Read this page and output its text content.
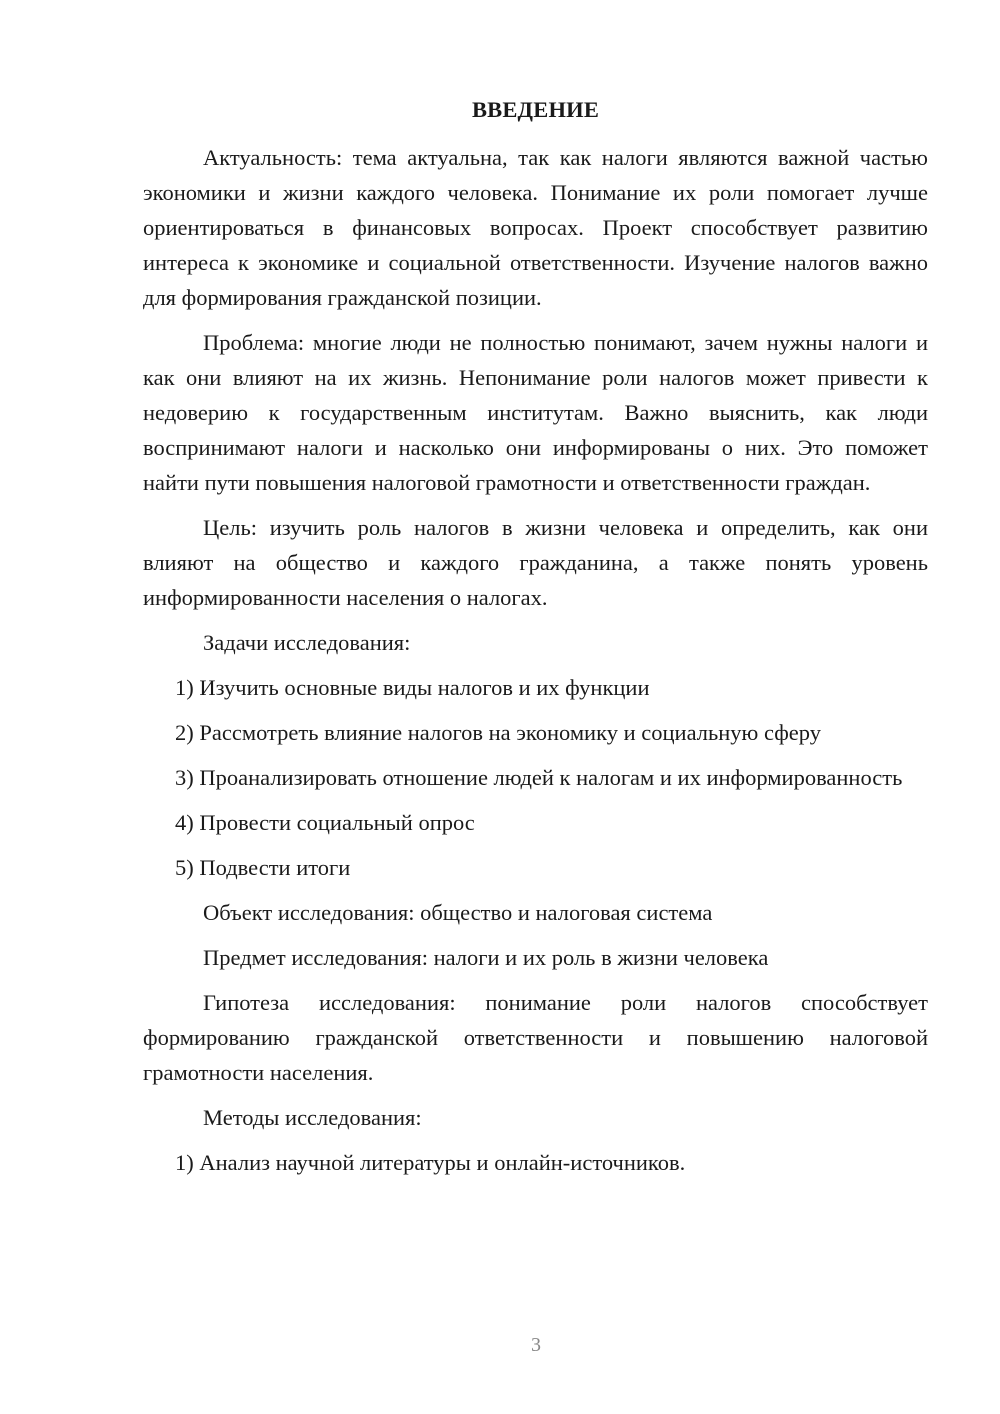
ВВЕДЕНИЕ

Актуальность: тема актуальна, так как налоги являются важной частью экономики и жизни каждого человека. Понимание их роли помогает лучше ориентироваться в финансовых вопросах. Проект способствует развитию интереса к экономике и социальной ответственности. Изучение налогов важно для формирования гражданской позиции.

Проблема: многие люди не полностью понимают, зачем нужны налоги и как они влияют на их жизнь. Непонимание роли налогов может привести к недоверию к государственным институтам. Важно выяснить, как люди воспринимают налоги и насколько они информированы о них. Это поможет найти пути повышения налоговой грамотности и ответственности граждан.

Цель: изучить роль налогов в жизни человека и определить, как они влияют на общество и каждого гражданина, а также понять уровень информированности населения о налогах.

Задачи исследования:

1) Изучить основные виды налогов и их функции

2) Рассмотреть влияние налогов на экономику и социальную сферу

3) Проанализировать отношение людей к налогам и их информированность

4) Провести социальный опрос

5) Подвести итоги

Объект исследования: общество и налоговая система

Предмет исследования: налоги и их роль в жизни человека

Гипотеза исследования: понимание роли налогов способствует формированию гражданской ответственности и повышению налоговой грамотности населения.

Методы исследования:

1) Анализ научной литературы и онлайн-источников.

3
